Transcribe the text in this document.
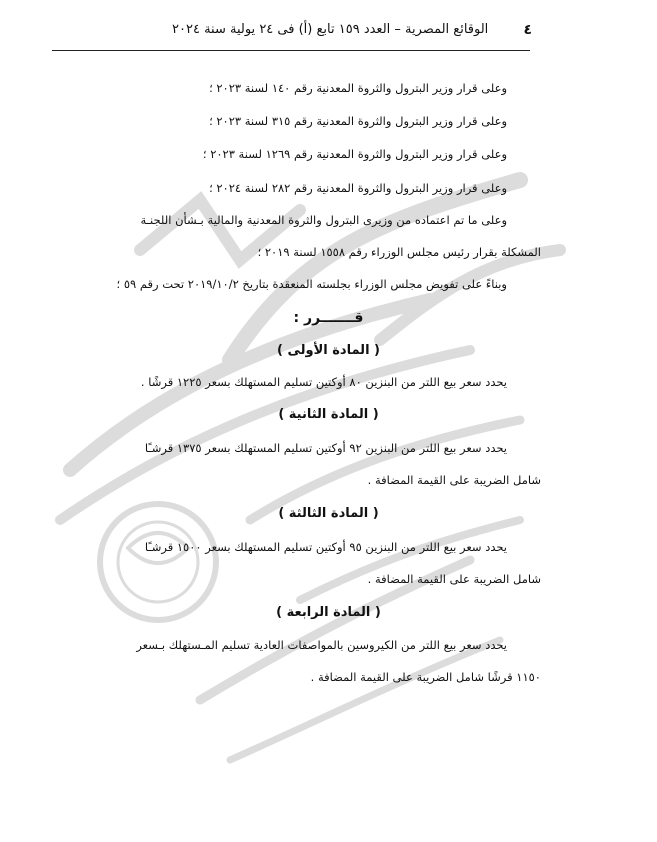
٤
الوقائع المصرية – العدد ١٥٩ تابع (أ) فى ٢٤ يولية سنة ٢٠٢٤
وعلى قرار وزير البترول والثروة المعدنية رقم ١٤٠ لسنة ٢٠٢٣ ؛
وعلى قرار وزير البترول والثروة المعدنية رقم ٣١٥ لسنة ٢٠٢٣ ؛
وعلى قرار وزير البترول والثروة المعدنية رقم ١٢٦٩ لسنة ٢٠٢٣ ؛
وعلى قرار وزير البترول والثروة المعدنية رقم ٢٨٢ لسنة ٢٠٢٤ ؛
وعلى ما تم اعتماده من وزيرى البترول والثروة المعدنية والمالية بـشأن اللجنـة
المشكلة بقرار رئيس مجلس الوزراء رقم ١٥٥٨ لسنة ٢٠١٩ ؛
وبناءً على تفويض مجلس الوزراء بجلسته المنعقدة بتاريخ ٢٠١٩/١٠/٢ تحت رقم ٥٩ ؛
قـــــــرر :
( المادة الأولى )
يحدد سعر بيع اللتر من البنزين ٨٠ أوكتين تسليم المستهلك بسعر ١٢٢٥ قرشًا .
( المادة الثانية )
يحدد سعر بيع اللتر من البنزين ٩٢ أوكتين تسليم المستهلك بسعر ١٣٧٥ قرشـًا
شامل الضريبة على القيمة المضافة .
( المادة الثالثة )
يحدد سعر بيع اللتر من البنزين ٩٥ أوكتين تسليم المستهلك بسعر ١٥٠٠ قرشـًا
شامل الضريبة على القيمة المضافة .
( المادة الرابعة )
يحدد سعر بيع اللتر من الكيروسين بالمواصفات العادية تسليم المـستهلك بـسعر
١١٥٠ قرشًا شامل الضريبة على القيمة المضافة .
